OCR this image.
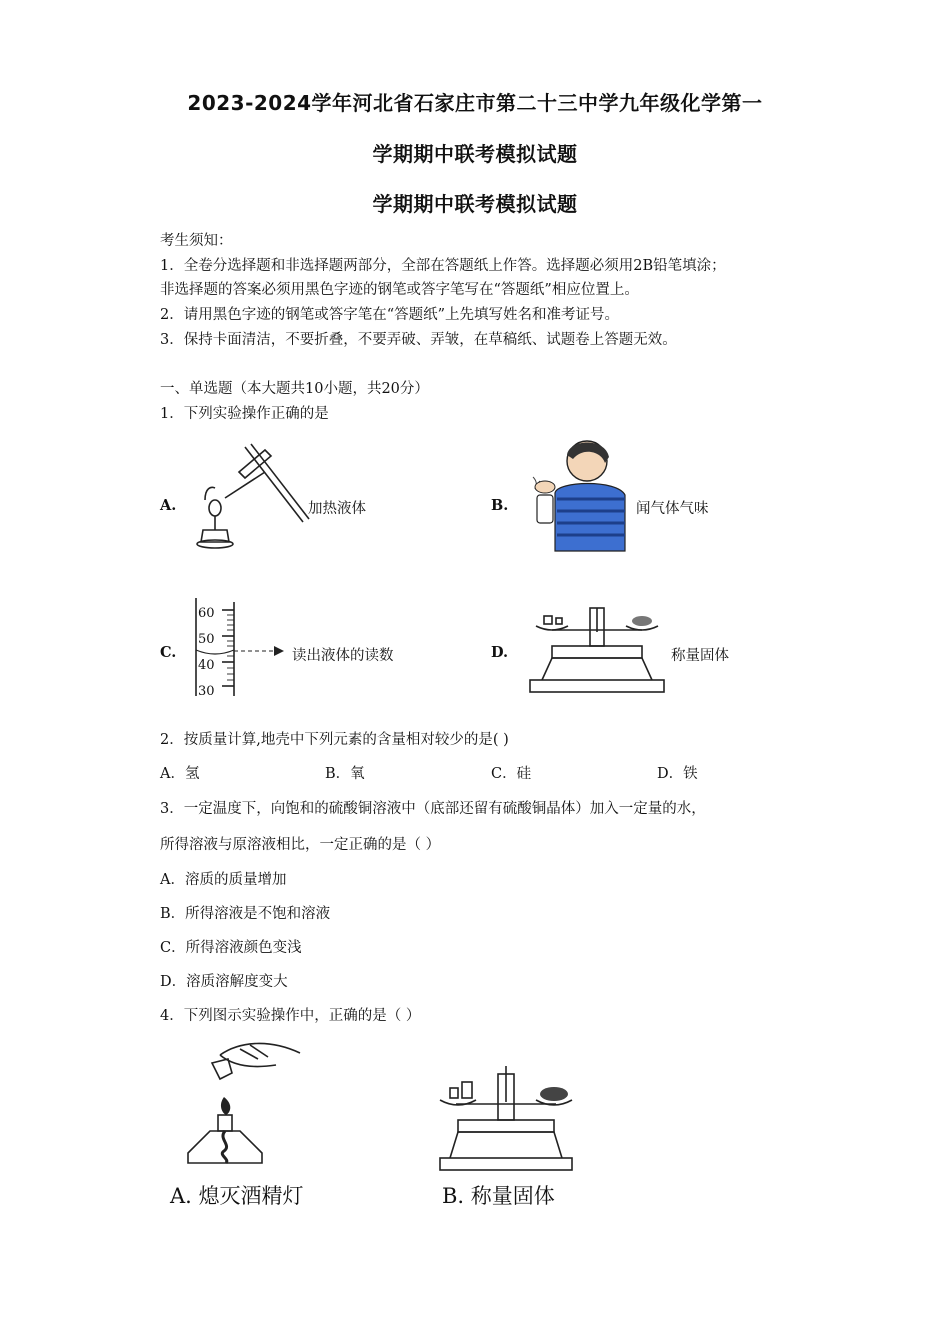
2023-2024学年河北省石家庄市第二十三中学九年级化学第一
学期期中联考模拟试题
学期期中联考模拟试题
考生须知：
1．全卷分选择题和非选择题两部分，全部在答题纸上作答。选择题必须用2B铅笔填涂；
非选择题的答案必须用黑色字迹的钢笔或答字笔写在“答题纸”相应位置上。
2．请用黑色字迹的钢笔或答字笔在“答题纸”上先填写姓名和准考证号。
3．保持卡面清洁，不要折叠，不要弄破、弄皱，在草稿纸、试题卷上答题无效。
一、单选题（本大题共10小题，共20分）
1．下列实验操作正确的是
A.	加热液体	B.	闻气体气味
C.
60
50
40
30
读出液体的读数	D.	称量固体
2．按质量计算,地壳中下列元素的含量相对较少的是( )
A．氢	B．氧	C．硅	D．铁
3．一定温度下，向饱和的硫酸铜溶液中（底部还留有硫酸铜晶体）加入一定量的水，
所得溶液与原溶液相比，一定正确的是（ ）
A．溶质的质量增加
B．所得溶液是不饱和溶液
C．所得溶液颜色变浅
D．溶质溶解度变大
4．下列图示实验操作中，正确的是（ ）
A. 熄灭酒精灯	B. 称量固体
